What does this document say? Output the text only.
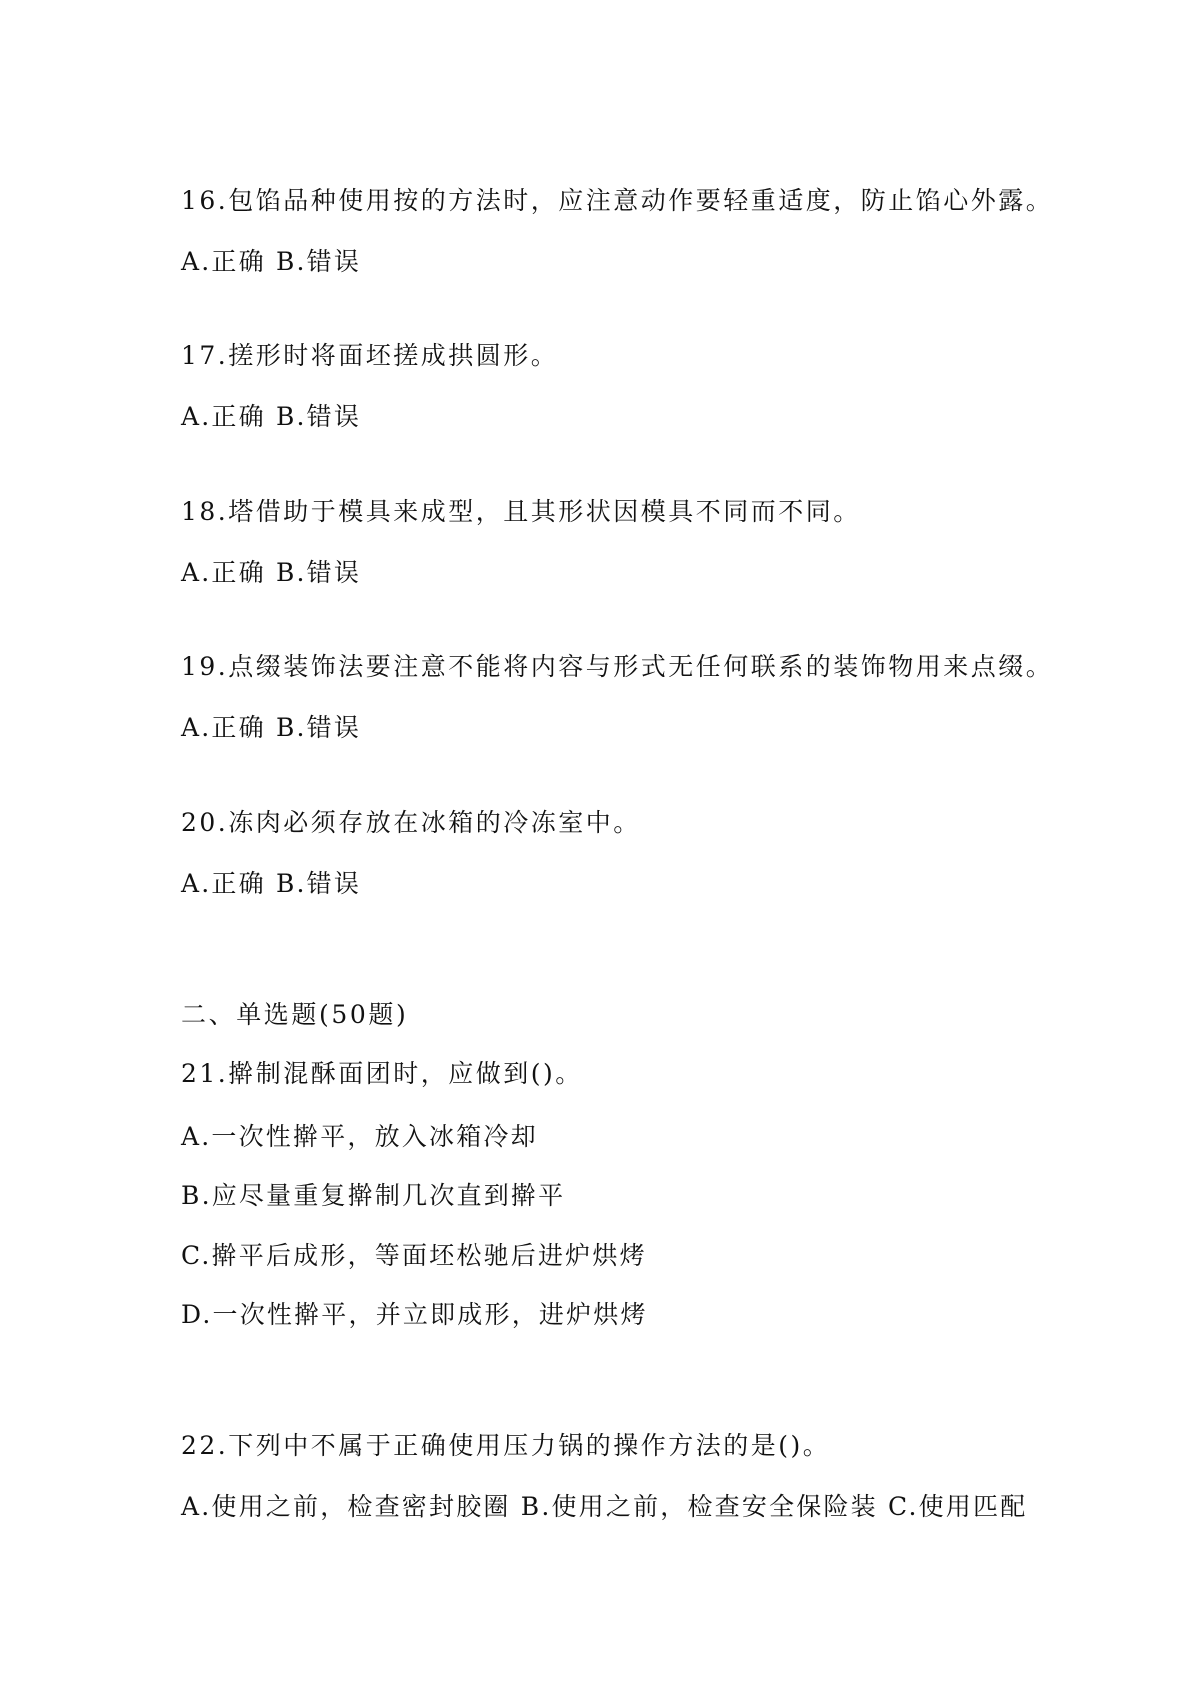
16.包馅品种使用按的方法时，应注意动作要轻重适度，防止馅心外露。
A.正确 B.错误
17.搓形时将面坯搓成拱圆形。
A.正确 B.错误
18.塔借助于模具来成型，且其形状因模具不同而不同。
A.正确 B.错误
19.点缀装饰法要注意不能将内容与形式无任何联系的装饰物用来点缀。
A.正确 B.错误
20.冻肉必须存放在冰箱的冷冻室中。
A.正确 B.错误
二、单选题(50题)
21.擀制混酥面团时，应做到()。
A.一次性擀平，放入冰箱冷却
B.应尽量重复擀制几次直到擀平
C.擀平后成形，等面坯松驰后进炉烘烤
D.一次性擀平，并立即成形，进炉烘烤
22.下列中不属于正确使用压力锅的操作方法的是()。
A.使用之前，检查密封胶圈 B.使用之前，检查安全保险装 C.使用匹配
